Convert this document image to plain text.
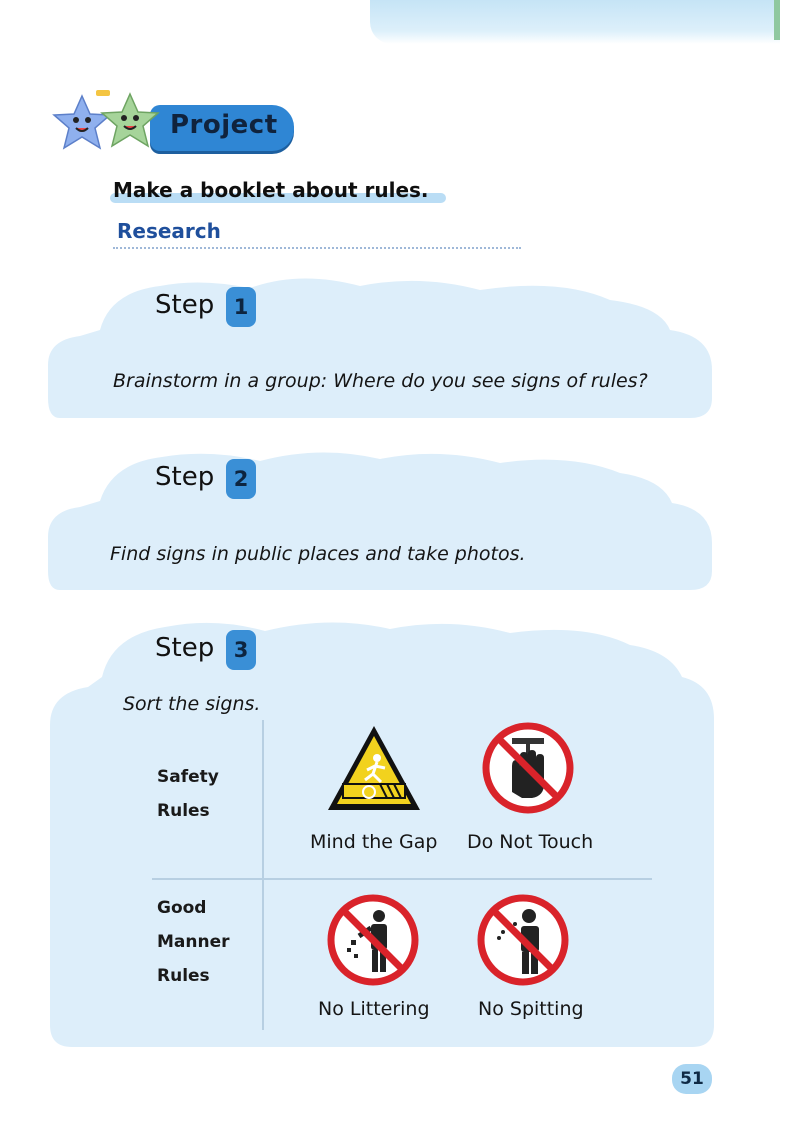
Project
Make a booklet about rules.
Research
Step 1
Brainstorm in a group: Where do you see signs of rules?
Step 2
Find signs in public places and take photos.
Step 3
Sort the signs.
Safety
Rules
Mind the Gap Do Not Touch
Good
Manner
Rules
No Littering	No Spitting
51
